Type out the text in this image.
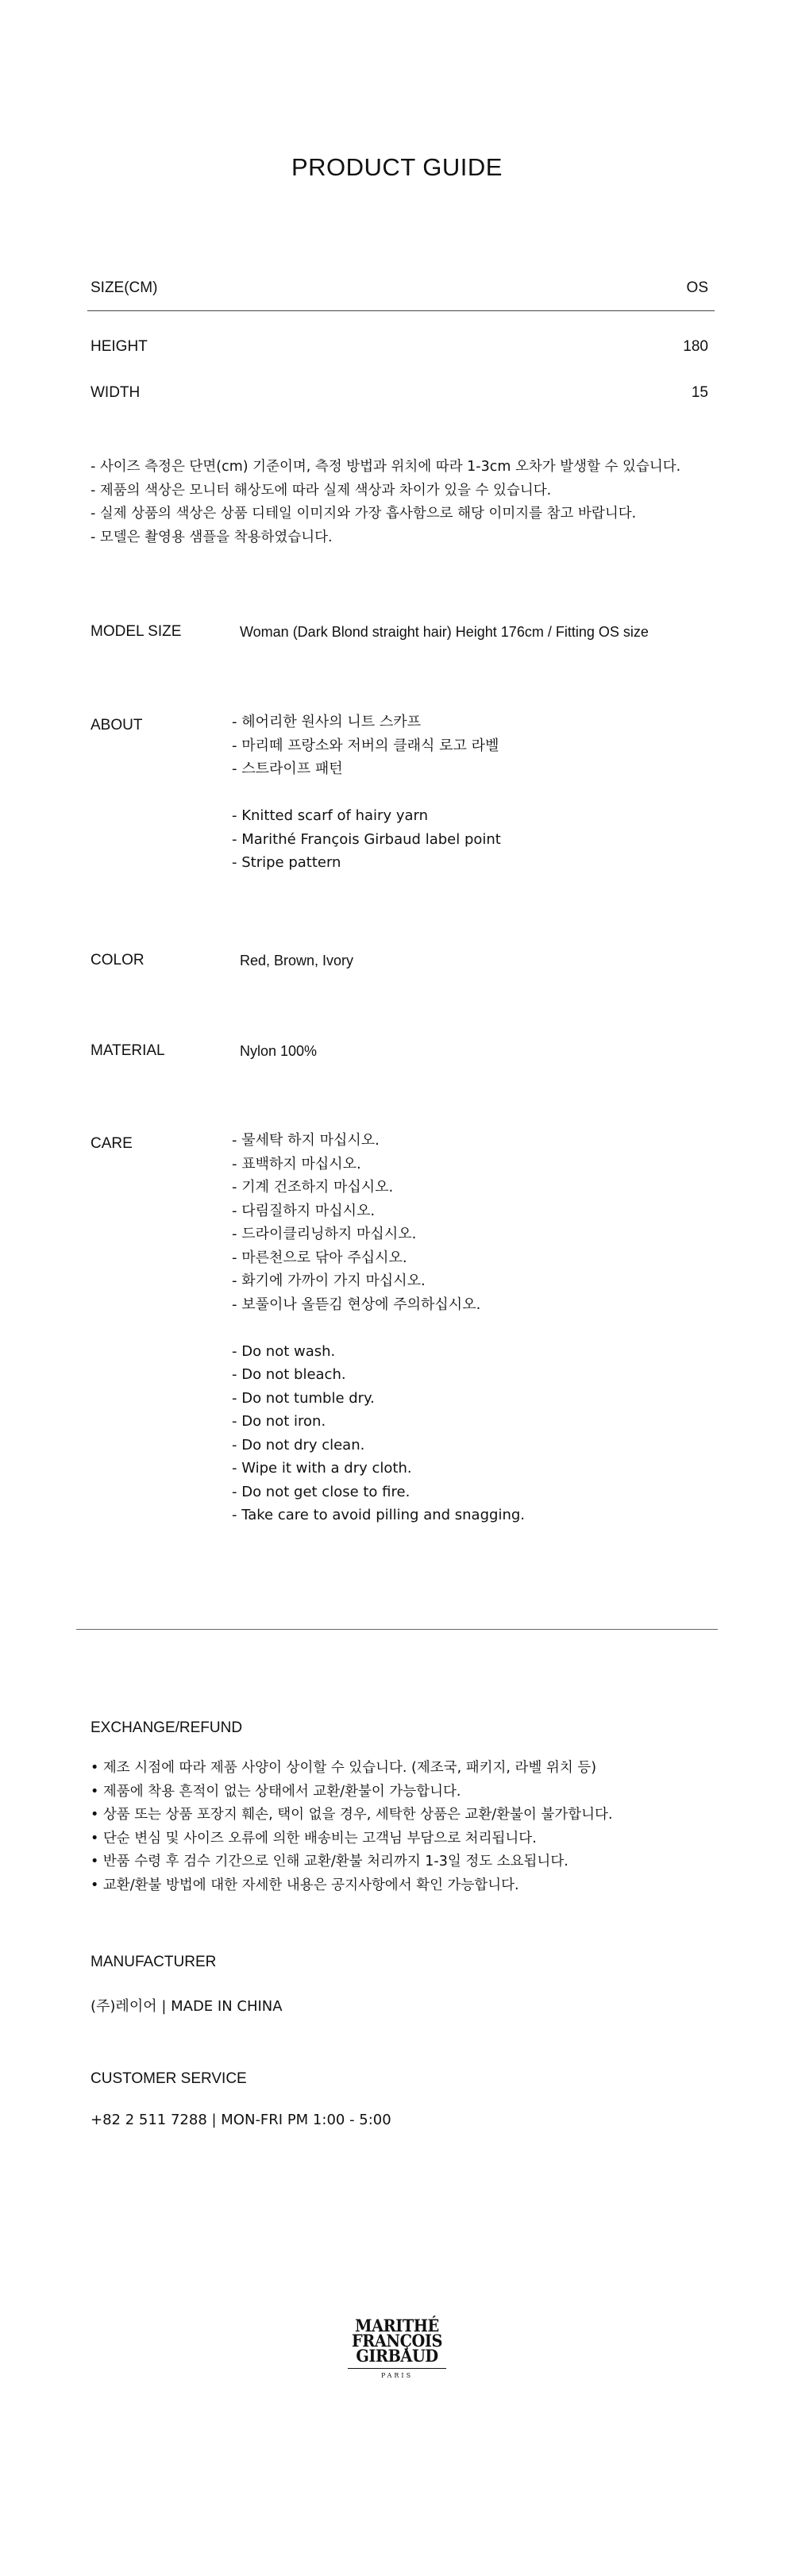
PRODUCT GUIDE
SIZE(CM)	OS
HEIGHT	180
WIDTH	15
- 사이즈 측정은 단면(cm) 기준이며, 측정 방법과 위치에 따라 1-3cm 오차가 발생할 수 있습니다.
- 제품의 색상은 모니터 해상도에 따라 실제 색상과 차이가 있을 수 있습니다.
- 실제 상품의 색상은 상품 디테일 이미지와 가장 흡사함으로 해당 이미지를 참고 바랍니다.
- 모델은 촬영용 샘플을 착용하였습니다.
MODEL SIZE	Woman (Dark Blond straight hair) Height 176cm / Fitting OS size
ABOUT	- 헤어리한 원사의 니트 스카프
- 마리떼 프랑소와 저버의 클래식 로고 라벨
- 스트라이프 패턴
- Knitted scarf of hairy yarn
- Marithé François Girbaud label point
- Stripe pattern
COLOR	Red, Brown, Ivory
MATERIAL	Nylon 100%
CARE	- 물세탁 하지 마십시오.
- 표백하지 마십시오.
- 기계 건조하지 마십시오.
- 다림질하지 마십시오.
- 드라이클리닝하지 마십시오.
- 마른천으로 닦아 주십시오.
- 화기에 가까이 가지 마십시오.
- 보풀이나 올뜯김 현상에 주의하십시오.
- Do not wash.
- Do not bleach.
- Do not tumble dry.
- Do not iron.
- Do not dry clean.
- Wipe it with a dry cloth.
- Do not get close to fire.
- Take care to avoid pilling and snagging.
EXCHANGE/REFUND
• 제조 시점에 따라 제품 사양이 상이할 수 있습니다. (제조국, 패키지, 라벨 위치 등)
• 제품에 착용 흔적이 없는 상태에서 교환/환불이 가능합니다.
• 상품 또는 상품 포장지 훼손, 택이 없을 경우, 세탁한 상품은 교환/환불이 불가합니다.
• 단순 변심 및 사이즈 오류에 의한 배송비는 고객님 부담으로 처리됩니다.
• 반품 수령 후 검수 기간으로 인해 교환/환불 처리까지 1-3일 정도 소요됩니다.
• 교환/환불 방법에 대한 자세한 내용은 공지사항에서 확인 가능합니다.
MANUFACTURER
(주)레이어 | MADE IN CHINA
CUSTOMER SERVICE
+82 2 511 7288 | MON-FRI PM 1:00 - 5:00
MARITHÉ
FRANÇOIS
GIRBAUD
PARIS
